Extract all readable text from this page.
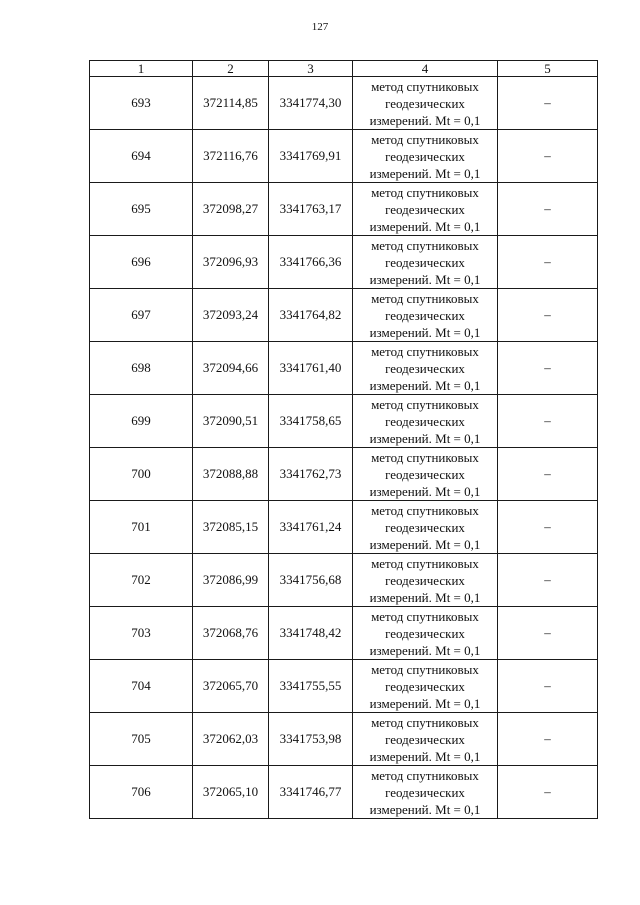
127
1	2	3	4	5
693	372114,85	3341774,30	метод спутниковых
геодезических
измерений. Mt = 0,1	–
694	372116,76	3341769,91	метод спутниковых
геодезических
измерений. Mt = 0,1	–
695	372098,27	3341763,17	метод спутниковых
геодезических
измерений. Mt = 0,1	–
696	372096,93	3341766,36	метод спутниковых
геодезических
измерений. Mt = 0,1	–
697	372093,24	3341764,82	метод спутниковых
геодезических
измерений. Mt = 0,1	–
698	372094,66	3341761,40	метод спутниковых
геодезических
измерений. Mt = 0,1	–
699	372090,51	3341758,65	метод спутниковых
геодезических
измерений. Mt = 0,1	–
700	372088,88	3341762,73	метод спутниковых
геодезических
измерений. Mt = 0,1	–
701	372085,15	3341761,24	метод спутниковых
геодезических
измерений. Mt = 0,1	–
702	372086,99	3341756,68	метод спутниковых
геодезических
измерений. Mt = 0,1	–
703	372068,76	3341748,42	метод спутниковых
геодезических
измерений. Mt = 0,1	–
704	372065,70	3341755,55	метод спутниковых
геодезических
измерений. Mt = 0,1	–
705	372062,03	3341753,98	метод спутниковых
геодезических
измерений. Mt = 0,1	–
706	372065,10	3341746,77	метод спутниковых
геодезических
измерений. Mt = 0,1	–
